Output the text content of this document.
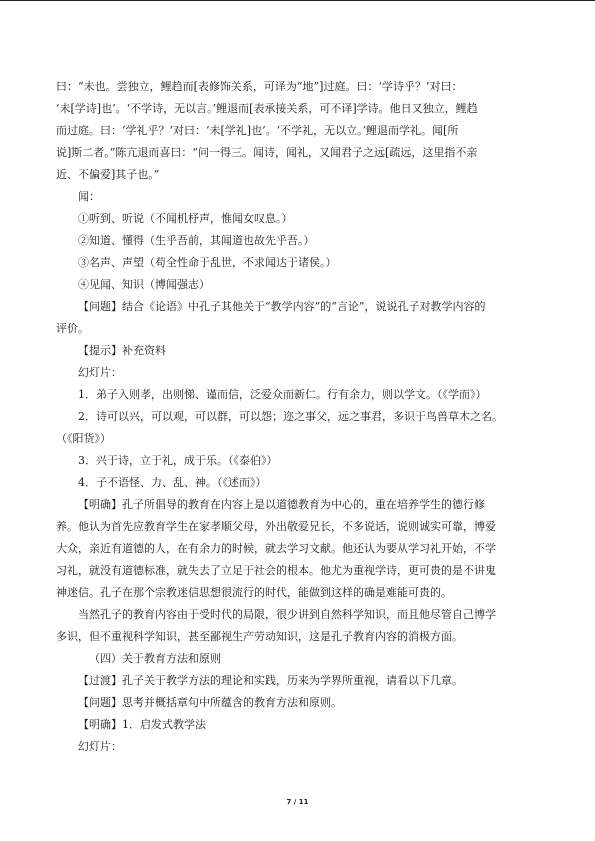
曰：“未也。尝独立，鲤趋而[表修饰关系，可译为“地”]过庭。曰：‘学诗乎？’对曰：

‘未[学诗]也’。‘不学诗，无以言。’鲤退而[表承接关系，可不译]学诗。他日又独立，鲤趋

而过庭。曰：‘学礼乎？’对曰：‘未[学礼]也’。‘不学礼，无以立。’鲤退而学礼。闻[所

说]斯二者。”陈亢退而喜曰：“问一得三。闻诗，闻礼，又闻君子之远[疏远，这里指不亲

近、不偏爱]其子也。”

闻：

①听到、听说（不闻机杼声，惟闻女叹息。）

②知道、懂得（生乎吾前，其闻道也故先乎吾。）

③名声、声望（苟全性命于乱世，不求闻达于诸侯。）

④见闻、知识（博闻强志）

【问题】结合《论语》中孔子其他关于“教学内容”的“言论”，说说孔子对教学内容的

评价。

【提示】补充资料

幻灯片：

1．弟子入则孝，出则悌、谨而信，泛爱众而新仁。行有余力，则以学文。（《学而》）

2．诗可以兴，可以观，可以群，可以怨；迩之事父，远之事君，多识于鸟兽草木之名。

（《阳货》）

3．兴于诗，立于礼，成于乐。（《泰伯》）

4．子不语怪、力、乱、神。（《述而》）

【明确】孔子所倡导的教育在内容上是以道德教育为中心的，重在培养学生的德行修

养。他认为首先应教育学生在家孝顺父母，外出敬爱兄长，不多说话，说则诚实可靠，博爱

大众，亲近有道德的人，在有余力的时候，就去学习文献。他还认为要从学习礼开始，不学

习礼，就没有道德标准，就失去了立足于社会的根本。他尤为重视学诗，更可贵的是不讲鬼

神迷信。孔子在那个宗教迷信思想很流行的时代，能做到这样的确是难能可贵的。

当然孔子的教育内容由于受时代的局限，很少讲到自然科学知识，而且他尽管自己博学

多识，但不重视科学知识，甚至鄙视生产劳动知识，这是孔子教育内容的消极方面。

（四）关于教育方法和原则

【过渡】孔子关于教学方法的理论和实践，历来为学界所重视，请看以下几章。

【问题】思考并概括章句中所蕴含的教育方法和原则。

【明确】1．启发式教学法

幻灯片：

7 / 11
